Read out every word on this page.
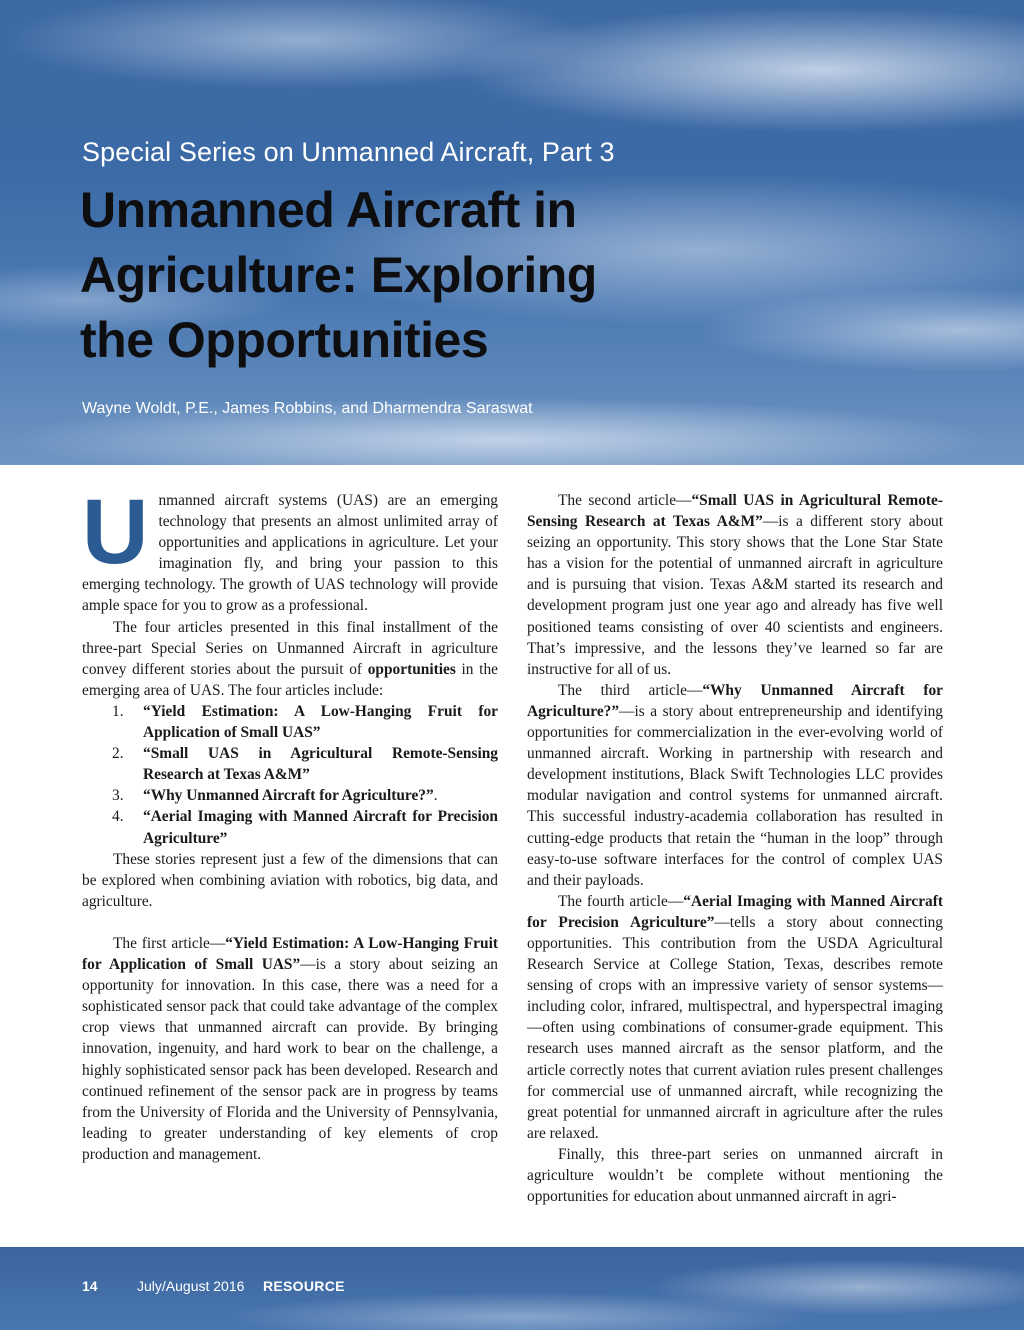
Special Series on Unmanned Aircraft, Part 3

Unmanned Aircraft in
Agriculture: Exploring
the Opportunities

Wayne Woldt, P.E., James Robbins, and Dharmendra Saraswat

Unmanned aircraft systems (UAS) are an emerging technology that presents an almost unlimited array of opportunities and applications in agriculture. Let your imagination fly, and bring your passion to this emerging technology. The growth of UAS technology will provide ample space for you to grow as a professional.

The four articles presented in this final installment of the three-part Special Series on Unmanned Aircraft in agriculture convey different stories about the pursuit of opportunities in the emerging area of UAS. The four articles include:

1. “Yield Estimation: A Low-Hanging Fruit for Application of Small UAS”
2. “Small UAS in Agricultural Remote-Sensing Research at Texas A&M”
3. “Why Unmanned Aircraft for Agriculture?”.
4. “Aerial Imaging with Manned Aircraft for Precision Agriculture”

These stories represent just a few of the dimensions that can be explored when combining aviation with robotics, big data, and agriculture.

The first article—“Yield Estimation: A Low-Hanging Fruit for Application of Small UAS”—is a story about seizing an opportunity for innovation. In this case, there was a need for a sophisticated sensor pack that could take advantage of the complex crop views that unmanned aircraft can provide. By bringing innovation, ingenuity, and hard work to bear on the challenge, a highly sophisticated sensor pack has been developed. Research and continued refinement of the sensor pack are in progress by teams from the University of Florida and the University of Pennsylvania, leading to greater understanding of key elements of crop production and management.

The second article—“Small UAS in Agricultural Remote-Sensing Research at Texas A&M”—is a different story about seizing an opportunity. This story shows that the Lone Star State has a vision for the potential of unmanned aircraft in agriculture and is pursuing that vision. Texas A&M started its research and development program just one year ago and already has five well positioned teams consisting of over 40 scientists and engineers. That’s impressive, and the lessons they’ve learned so far are instructive for all of us.

The third article—“Why Unmanned Aircraft for Agriculture?”—is a story about entrepreneurship and identifying opportunities for commercialization in the ever-evolving world of unmanned aircraft. Working in partnership with research and development institutions, Black Swift Technologies LLC provides modular navigation and control systems for unmanned aircraft. This successful industry-academia collaboration has resulted in cutting-edge products that retain the “human in the loop” through easy-to-use software interfaces for the control of complex UAS and their payloads.

The fourth article—“Aerial Imaging with Manned Aircraft for Precision Agriculture”—tells a story about connecting opportunities. This contribution from the USDA Agricultural Research Service at College Station, Texas, describes remote sensing of crops with an impressive variety of sensor systems—including color, infrared, multispectral, and hyperspectral imaging—often using combinations of consumer-grade equipment. This research uses manned aircraft as the sensor platform, and the article correctly notes that current aviation rules present challenges for commercial use of unmanned aircraft, while recognizing the great potential for unmanned aircraft in agriculture after the rules are relaxed.

Finally, this three-part series on unmanned aircraft in agriculture wouldn’t be complete without mentioning the opportunities for education about unmanned aircraft in agri-

14	July/August 2016 RESOURCE
